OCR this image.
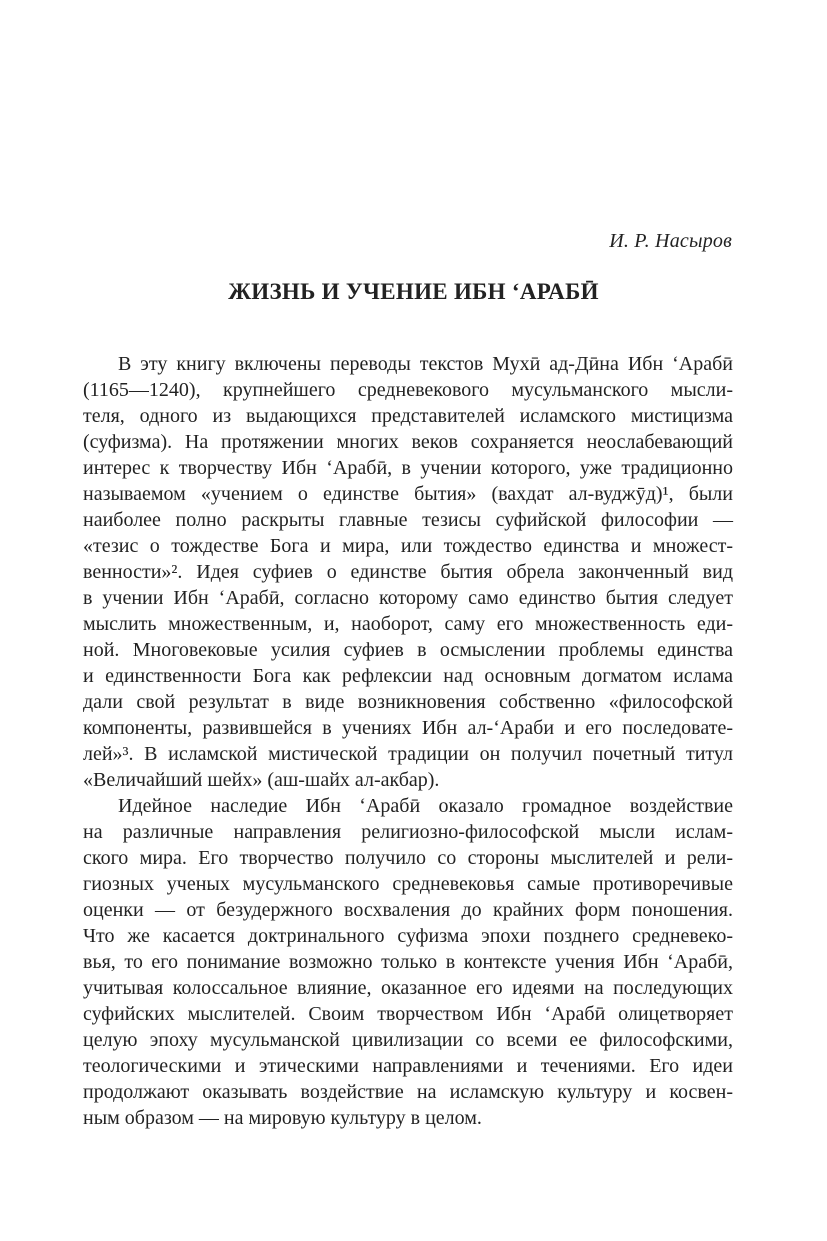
И. Р. Насыров
ЖИЗНЬ И УЧЕНИЕ ИБН ʻАРАБӢ
В эту книгу включены переводы текстов Мухӣ ад-Дӣна Ибн ʻАрабӣ
(1165—1240), крупнейшего средневекового мусульманского мысли-
теля, одного из выдающихся представителей исламского мистицизма
(суфизма). На протяжении многих веков сохраняется неослабевающий
интерес к творчеству Ибн ʻАрабӣ, в учении которого, уже традиционно
называемом «учением о единстве бытия» (вахдат ал-вуджӯд)¹, были
наиболее полно раскрыты главные тезисы суфийской философии —
«тезис о тождестве Бога и мира, или тождество единства и множест-
венности»². Идея суфиев о единстве бытия обрела законченный вид
в учении Ибн ʻАрабӣ, согласно которому само единство бытия следует
мыслить множественным, и, наоборот, саму его множественность еди-
ной. Многовековые усилия суфиев в осмыслении проблемы единства
и единственности Бога как рефлексии над основным догматом ислама
дали свой результат в виде возникновения собственно «философской
компоненты, развившейся в учениях Ибн ал-ʻАраби и его последовате-
лей»³. В исламской мистической традиции он получил почетный титул
«Величайший шейх» (аш-шайх ал-акбар).
Идейное наследие Ибн ʻАрабӣ оказало громадное воздействие
на различные направления религиозно-философской мысли ислам-
ского мира. Его творчество получило со стороны мыслителей и рели-
гиозных ученых мусульманского средневековья самые противоречивые
оценки — от безудержного восхваления до крайних форм поношения.
Что же касается доктринального суфизма эпохи позднего средневеко-
вья, то его понимание возможно только в контексте учения Ибн ʻАрабӣ,
учитывая колоссальное влияние, оказанное его идеями на последующих
суфийских мыслителей. Своим творчеством Ибн ʻАрабӣ олицетворяет
целую эпоху мусульманской цивилизации со всеми ее философскими,
теологическими и этическими направлениями и течениями. Его идеи
продолжают оказывать воздействие на исламскую культуру и косвен-
ным образом — на мировую культуру в целом.
